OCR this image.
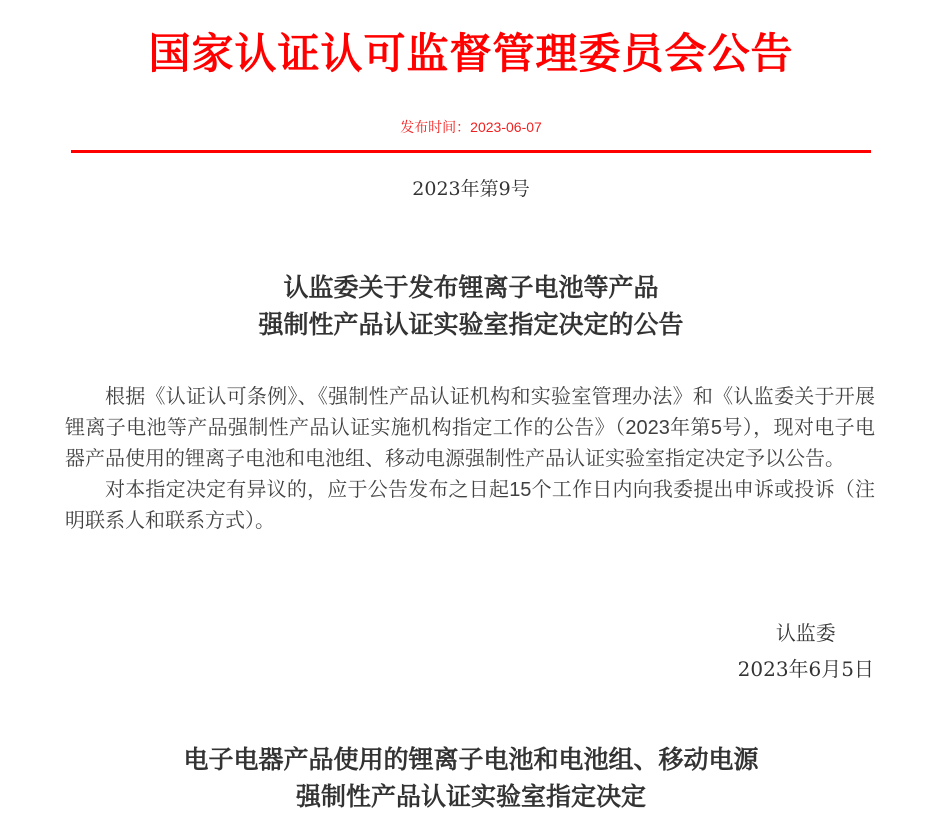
国家认证认可监督管理委员会公告
发布时间：2023-06-07
2023年第9号
认监委关于发布锂离子电池等产品
强制性产品认证实验室指定决定的公告

根据《认证认可条例》、《强制性产品认证机构和实验室管理办法》和《认监委关于开展锂离子电池等产品强制性产品认证实施机构指定工作的公告》（2023年第5号），现对电子电器产品使用的锂离子电池和电池组、移动电源强制性产品认证实验室指定决定予以公告。

对本指定决定有异议的，应于公告发布之日起15个工作日内向我委提出申诉或投诉（注明联系人和联系方式）。

认监委
2023年6月5日
电子电器产品使用的锂离子电池和电池组、移动电源
强制性产品认证实验室指定决定
